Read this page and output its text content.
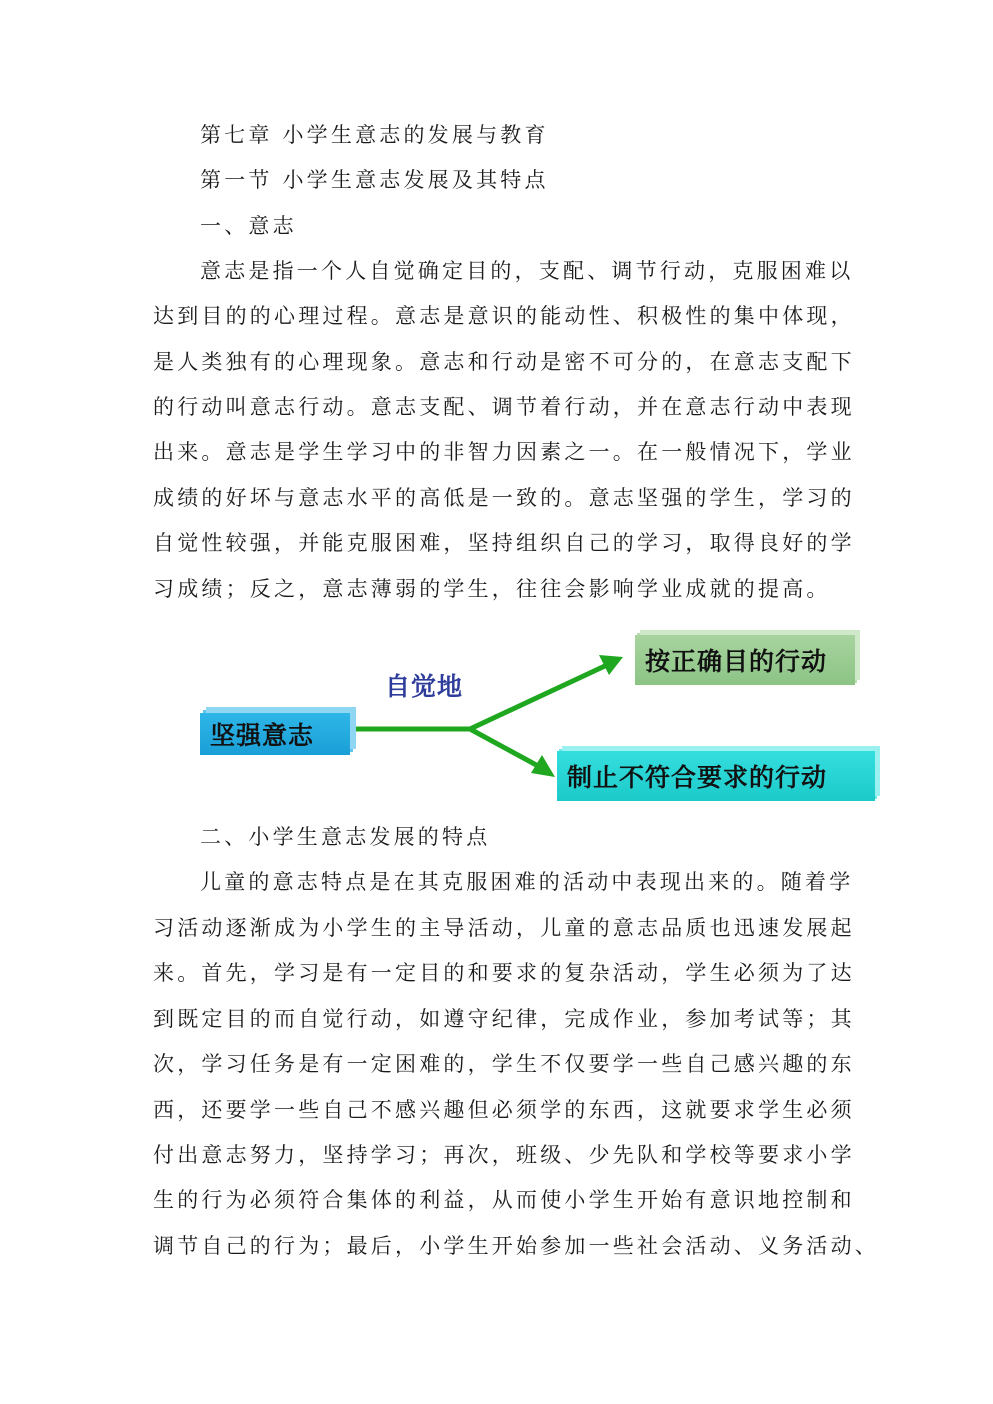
第七章 小学生意志的发展与教育
第一节 小学生意志发展及其特点
一、意志
意志是指一个人自觉确定目的，支配、调节行动，克服困难以
达到目的的心理过程。意志是意识的能动性、积极性的集中体现，
是人类独有的心理现象。意志和行动是密不可分的，在意志支配下
的行动叫意志行动。意志支配、调节着行动，并在意志行动中表现
出来。意志是学生学习中的非智力因素之一。在一般情况下，学业
成绩的好坏与意志水平的高低是一致的。意志坚强的学生，学习的
自觉性较强，并能克服困难，坚持组织自己的学习，取得良好的学
习成绩；反之，意志薄弱的学生，往往会影响学业成就的提高。
坚强意志
自觉地
按正确目的行动
制止不符合要求的行动
二、小学生意志发展的特点
儿童的意志特点是在其克服困难的活动中表现出来的。随着学
习活动逐渐成为小学生的主导活动，儿童的意志品质也迅速发展起
来。首先，学习是有一定目的和要求的复杂活动，学生必须为了达
到既定目的而自觉行动，如遵守纪律，完成作业，参加考试等；其
次，学习任务是有一定困难的，学生不仅要学一些自己感兴趣的东
西，还要学一些自己不感兴趣但必须学的东西，这就要求学生必须
付出意志努力，坚持学习；再次，班级、少先队和学校等要求小学
生的行为必须符合集体的利益，从而使小学生开始有意识地控制和
调节自己的行为；最后，小学生开始参加一些社会活动、义务活动、
